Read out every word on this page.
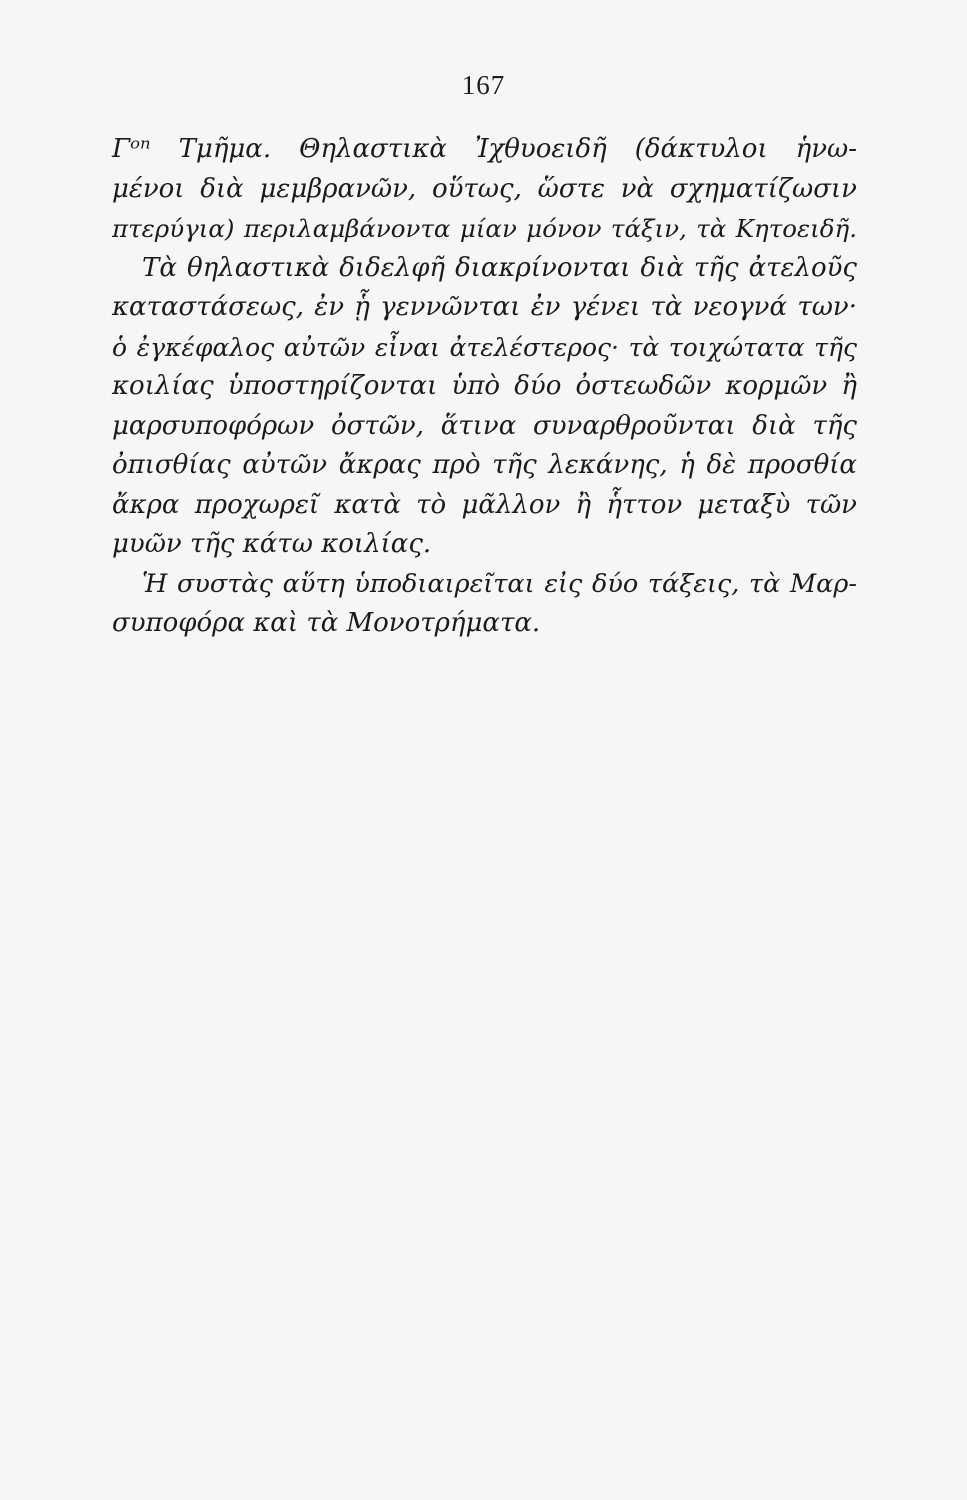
167
Γᵒⁿ Τμῆμα. Θηλαστικὰ Ἰχθυοειδῆ (δάκτυλοι ἡνω-
μένοι διὰ μεμβρανῶν, οὕτως, ὥστε νὰ σχηματίζωσιν
πτερύγια) περιλαμβάνοντα μίαν μόνον τάξιν, τὰ Κητοειδῆ.
Τὰ θηλαστικὰ διδελφῆ διακρίνονται διὰ τῆς ἀτελοῦς
καταστάσεως, ἐν ᾗ γεννῶνται ἐν γένει τὰ νεογνά των·
ὁ ἐγκέφαλος αὐτῶν εἶναι ἀτελέστερος· τὰ τοιχώτατα τῆς
κοιλίας ὑποστηρίζονται ὑπὸ δύο ὀστεωδῶν κορμῶν ἢ
μαρσυποφόρων ὀστῶν, ἅτινα συναρθροῦνται διὰ τῆς
ὀπισθίας αὐτῶν ἄκρας πρὸ τῆς λεκάνης, ἡ δὲ προσθία
ἄκρα προχωρεῖ κατὰ τὸ μᾶλλον ἢ ἧττον μεταξὺ τῶν
μυῶν τῆς κάτω κοιλίας.
Ἡ συστὰς αὕτη ὑποδιαιρεῖται εἰς δύο τάξεις, τὰ Μαρ-
συποφόρα καὶ τὰ Μονοτρήματα.
